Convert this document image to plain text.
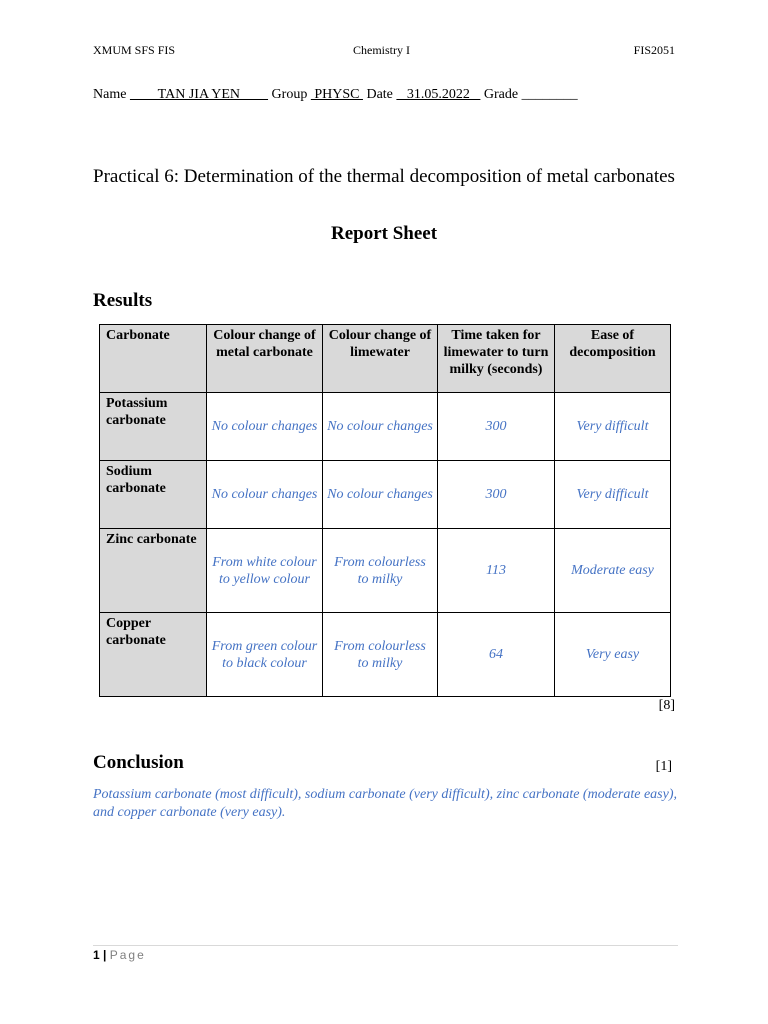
XMUM SFS FIS	Chemistry I	FIS2051
Name         TAN JIA YEN         Group  PHYSC  Date    31.05.2022    Grade ________
Practical 6: Determination of the thermal decomposition of metal carbonates
Report Sheet
Results
Carbonate	Colour change of metal carbonate	Colour change of limewater	Time taken for limewater to turn milky (seconds)	Ease of decomposition
Potassium carbonate	No colour changes	No colour changes	300	Very difficult
Sodium carbonate	No colour changes	No colour changes	300	Very difficult
Zinc carbonate	From white colour to yellow colour	From colourless to milky	113	Moderate easy
Copper carbonate	From green colour to black colour	From colourless to milky	64	Very easy
[8]
Conclusion	[1]
Potassium carbonate (most difficult), sodium carbonate (very difficult), zinc carbonate (moderate easy), and copper carbonate (very easy).
1 | Page
